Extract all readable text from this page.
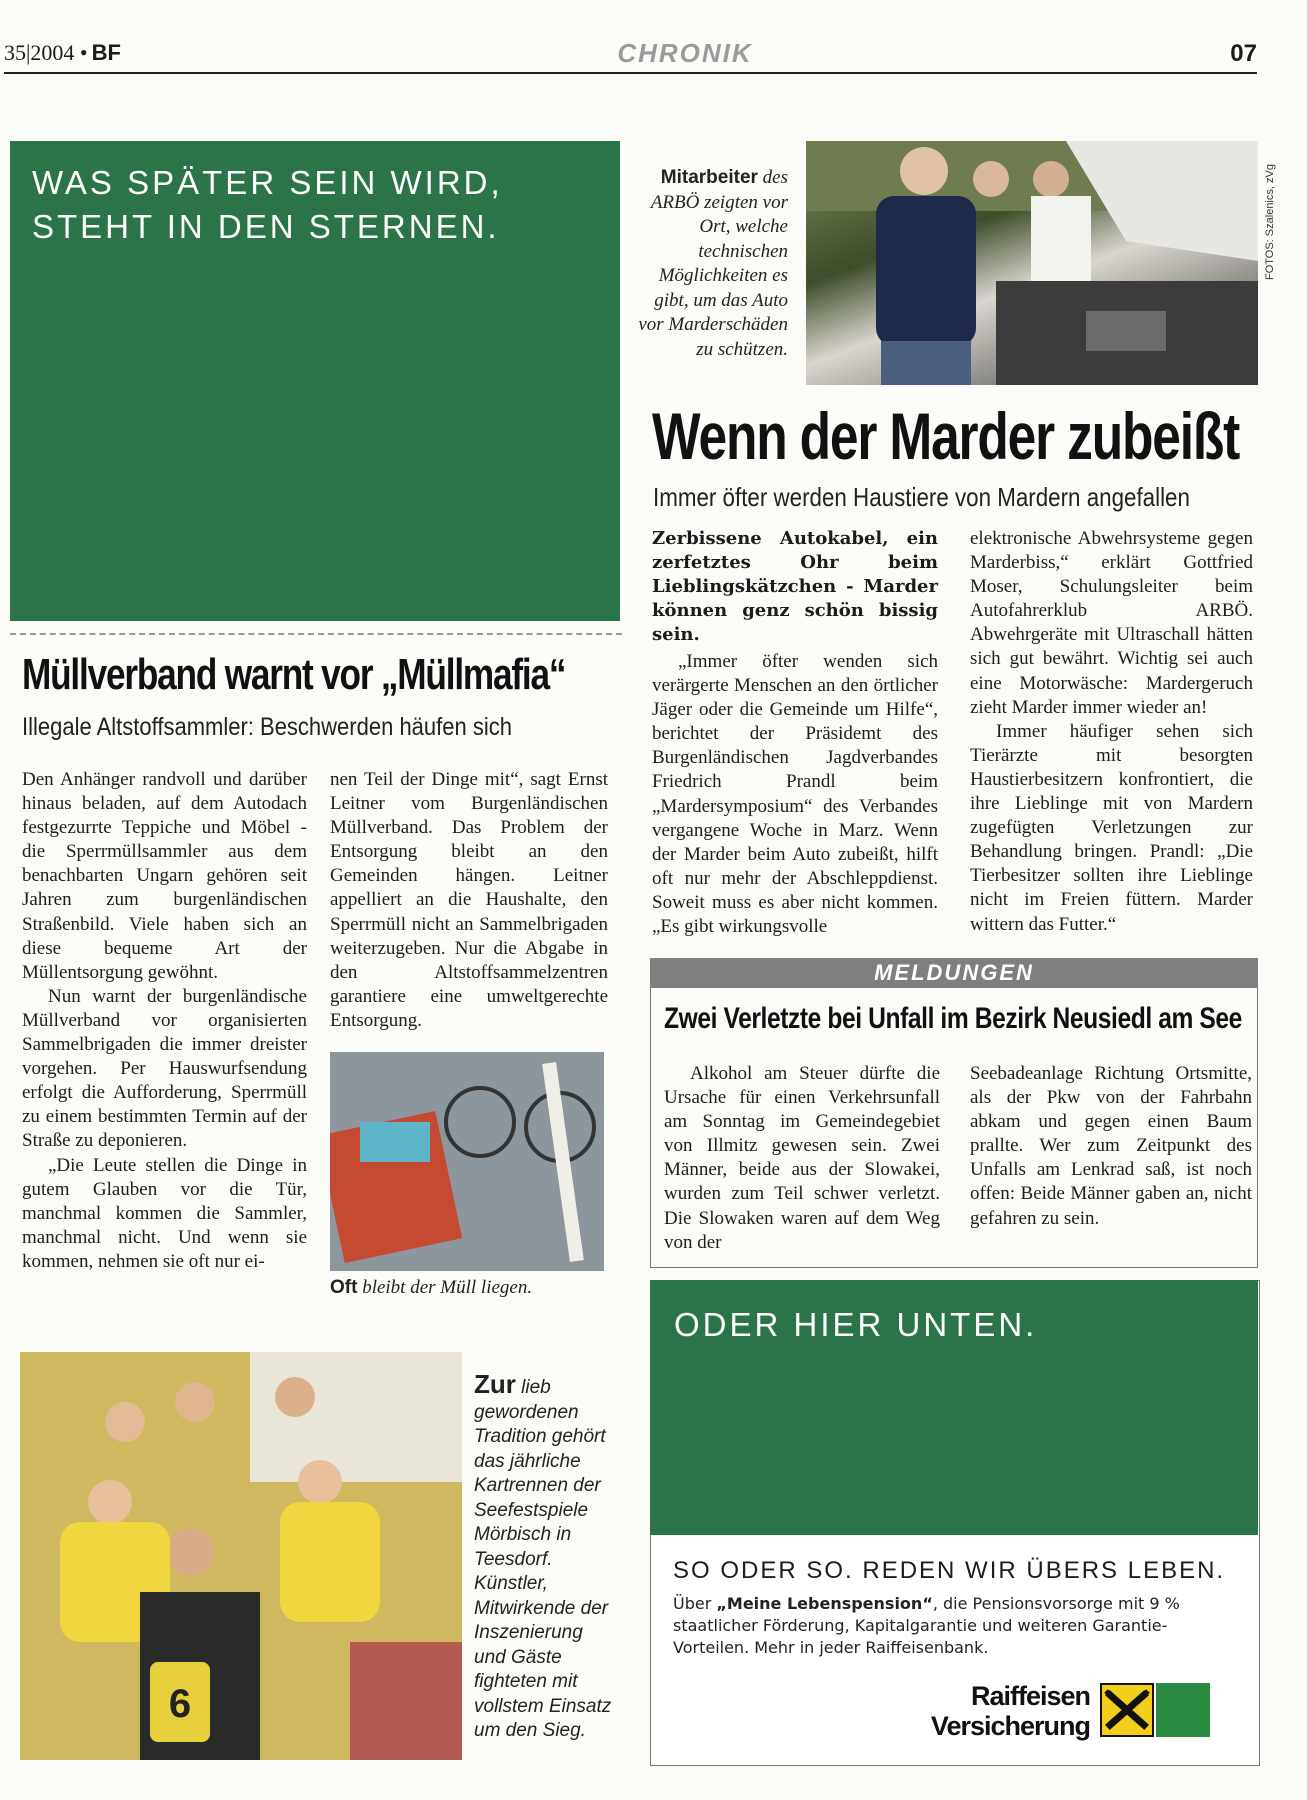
35|2004 • BF	CHRONIK	07
WAS SPÄTER SEIN WIRD,
STEHT IN DEN STERNEN.
Mitarbeiter des ARBÖ zeigten vor Ort, welche technischen Möglichkeiten es gibt, um das Auto vor Marderschäden zu schützen.
FOTOS: Szalenics, zVg
Wenn der Marder zubeißt
Immer öfter werden Haustiere von Mardern angefallen
Zerbissene Autokabel, ein zerfetztes Ohr beim Lieblingskätzchen - Marder können genz schön bissig sein.

„Immer öfter wenden sich verärgerte Menschen an den örtlicher Jäger oder die Gemeinde um Hilfe“, berichtet der Präsidemt des Burgenländischen Jagdverbandes Friedrich Prandl beim „Mardersymposium“ des Verbandes vergangene Woche in Marz. Wenn der Marder beim Auto zubeißt, hilft oft nur mehr der Abschleppdienst. Soweit muss es aber nicht kommen. „Es gibt wirkungsvolle

elektronische Abwehrsysteme gegen Marderbiss,“ erklärt Gottfried Moser, Schulungsleiter beim Autofahrerklub ARBÖ. Abwehrgeräte mit Ultraschall hätten sich gut bewährt. Wichtig sei auch eine Motorwäsche: Mardergeruch zieht Marder immer wieder an!

Immer häufiger sehen sich Tierärzte mit besorgten Haustierbesitzern konfrontiert, die ihre Lieblinge mit von Mardern zugefügten Verletzungen zur Behandlung bringen. Prandl: „Die Tierbesitzer sollten ihre Lieblinge nicht im Freien füttern. Marder wittern das Futter.“

Müllverband warnt vor „Müllmafia“
Illegale Altstoffsammler: Beschwerden häufen sich

Den Anhänger randvoll und darüber hinaus beladen, auf dem Autodach festgezurrte Teppiche und Möbel - die Sperrmüllsammler aus dem benachbarten Ungarn gehören seit Jahren zum burgenländischen Straßenbild. Viele haben sich an diese bequeme Art der Müllentsorgung gewöhnt.

Nun warnt der burgenländische Müllverband vor organisierten Sammelbrigaden die immer dreister vorgehen. Per Hauswurfsendung erfolgt die Aufforderung, Sperrmüll zu einem bestimmten Termin auf der Straße zu deponieren.

„Die Leute stellen die Dinge in gutem Glauben vor die Tür, manchmal kommen die Sammler, manchmal nicht. Und wenn sie kommen, nehmen sie oft nur ei-

nen Teil der Dinge mit“, sagt Ernst Leitner vom Burgenländischen Müllverband. Das Problem der Entsorgung bleibt an den Gemeinden hängen. Leitner appelliert an die Haushalte, den Sperrmüll nicht an Sammelbrigaden weiterzugeben. Nur die Abgabe in den Altstoffsammelzentren garantiere eine umweltgerechte Entsorgung.

Oft bleibt der Müll liegen.
6
Zur lieb gewordenen Tradition gehört das jährliche Kartrennen der Seefestspiele Mörbisch in Teesdorf. Künstler, Mitwirkende der Inszenierung und Gäste fighteten mit vollstem Einsatz um den Sieg.
MELDUNGEN
Zwei Verletzte bei Unfall im Bezirk Neusiedl am See

Alkohol am Steuer dürfte die Ursache für einen Verkehrsunfall am Sonntag im Gemeindegebiet von Illmitz gewesen sein. Zwei Männer, beide aus der Slowakei, wurden zum Teil schwer verletzt. Die Slowaken waren auf dem Weg von der

Seebadeanlage Richtung Ortsmitte, als der Pkw von der Fahrbahn abkam und gegen einen Baum prallte. Wer zum Zeitpunkt des Unfalls am Lenkrad saß, ist noch offen: Beide Männer gaben an, nicht gefahren zu sein.

ODER HIER UNTEN.
SO ODER SO. REDEN WIR ÜBERS LEBEN.
Über „Meine Lebenspension“, die Pensionsvorsorge mit 9 % staatlicher Förderung, Kapitalgarantie und weiteren Garantie-Vorteilen. Mehr in jeder Raiffeisenbank.
Raiffeisen
Versicherung
